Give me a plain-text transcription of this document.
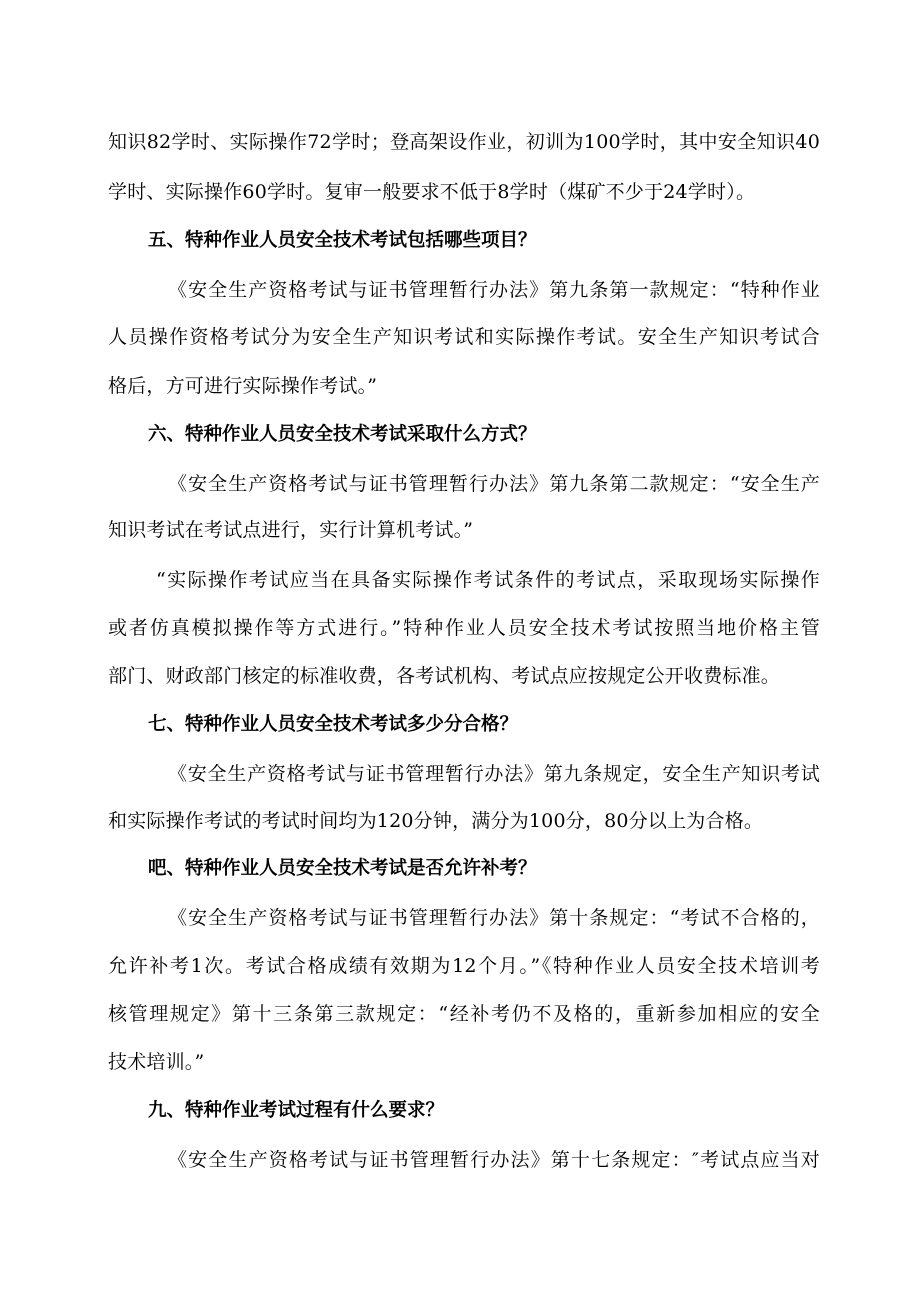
知识82学时、实际操作72学时；登高架设作业，初训为100学时，其中安全知识40
学时、实际操作60学时。复审一般要求不低于8学时（煤矿不少于24学时）。
五、特种作业人员安全技术考试包括哪些项目？
《安全生产资格考试与证书管理暂行办法》第九条第一款规定：“特种作业
人员操作资格考试分为安全生产知识考试和实际操作考试。安全生产知识考试合
格后，方可进行实际操作考试。”
六、特种作业人员安全技术考试采取什么方式？
《安全生产资格考试与证书管理暂行办法》第九条第二款规定：“安全生产
知识考试在考试点进行，实行计算机考试。”
“实际操作考试应当在具备实际操作考试条件的考试点，采取现场实际操作
或者仿真模拟操作等方式进行。”特种作业人员安全技术考试按照当地价格主管
部门、财政部门核定的标准收费，各考试机构、考试点应按规定公开收费标准。
七、特种作业人员安全技术考试多少分合格？
《安全生产资格考试与证书管理暂行办法》第九条规定，安全生产知识考试
和实际操作考试的考试时间均为120分钟，满分为100分，80分以上为合格。
吧、特种作业人员安全技术考试是否允许补考？
《安全生产资格考试与证书管理暂行办法》第十条规定：“考试不合格的，
允许补考1次。考试合格成绩有效期为12个月。”《特种作业人员安全技术培训考
核管理规定》第十三条第三款规定：“经补考仍不及格的，重新参加相应的安全
技术培训。”
九、特种作业考试过程有什么要求？
《安全生产资格考试与证书管理暂行办法》第十七条规定：″考试点应当对
